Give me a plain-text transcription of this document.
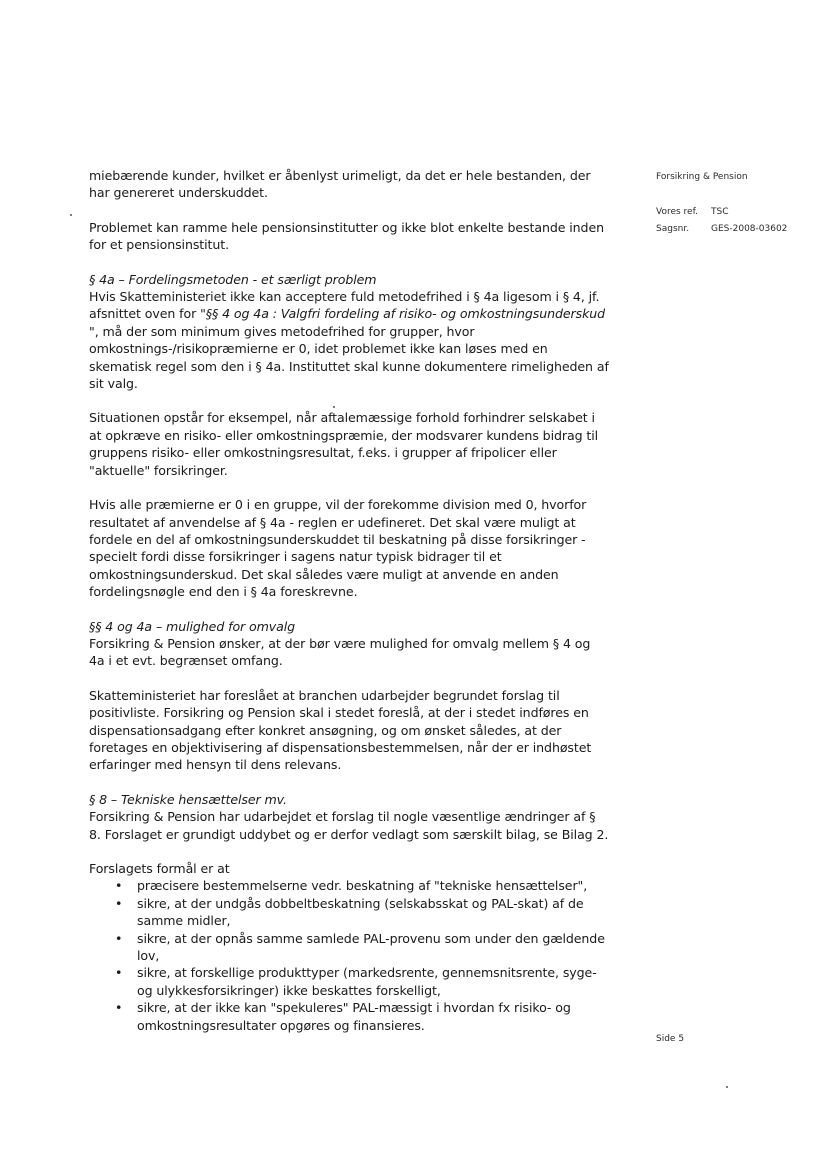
Forsikring & Pension
Vores ref. TSC
Sagsnr. GES-2008-03602
Side 5

miebærende kunder, hvilket er åbenlyst urimeligt, da det er hele bestanden, der har genereret underskuddet.

Problemet kan ramme hele pensionsinstitutter og ikke blot enkelte bestande inden for et pensionsinstitut.

§ 4a – Fordelingsmetoden - et særligt problem

Hvis Skatteministeriet ikke kan acceptere fuld metodefrihed i § 4a ligesom i § 4, jf. afsnittet oven for "§§ 4 og 4a : Valgfri fordeling af risiko- og omkostningsunderskud ", må der som minimum gives metodefrihed for grupper, hvor omkostnings-/risikopræmierne er 0, idet problemet ikke kan løses med en skematisk regel som den i § 4a. Instituttet skal kunne dokumentere rimeligheden af sit valg.

Situationen opstår for eksempel, når aftalemæssige forhold forhindrer selskabet i at opkræve en risiko- eller omkostningspræmie, der modsvarer kundens bidrag til gruppens risiko- eller omkostningsresultat, f.eks. i grupper af fripolicer eller "aktuelle" forsikringer.

Hvis alle præmierne er 0 i en gruppe, vil der forekomme division med 0, hvorfor resultatet af anvendelse af § 4a - reglen er udefineret. Det skal være muligt at fordele en del af omkostningsunderskuddet til beskatning på disse forsikringer - specielt fordi disse forsikringer i sagens natur typisk bidrager til et omkostningsunderskud. Det skal således være muligt at anvende en anden fordelingsnøgle end den i § 4a foreskrevne.

§§ 4 og 4a – mulighed for omvalg

Forsikring & Pension ønsker, at der bør være mulighed for omvalg mellem § 4 og 4a i et evt. begrænset omfang.

Skatteministeriet har foreslået at branchen udarbejder begrundet forslag til positivliste. Forsikring og Pension skal i stedet foreslå, at der i stedet indføres en dispensationsadgang efter konkret ansøgning, og om ønsket således, at der foretages en objektivisering af dispensationsbestemmelsen, når der er indhøstet erfaringer med hensyn til dens relevans.

§ 8 – Tekniske hensættelser mv.

Forsikring & Pension har udarbejdet et forslag til nogle væsentlige ændringer af § 8. Forslaget er grundigt uddybet og er derfor vedlagt som særskilt bilag, se Bilag 2.

Forslagets formål er at

• præcisere bestemmelserne vedr. beskatning af "tekniske hensættelser",
• sikre, at der undgås dobbeltbeskatning (selskabsskat og PAL-skat) af de samme midler,
• sikre, at der opnås samme samlede PAL-provenu som under den gældende lov,
• sikre, at forskellige produkttyper (markedsrente, gennemsnitsrente, syge- og ulykkesforsikringer) ikke beskattes forskelligt,
• sikre, at der ikke kan "spekuleres" PAL-mæssigt i hvordan fx risiko- og omkostningsresultater opgøres og finansieres.
